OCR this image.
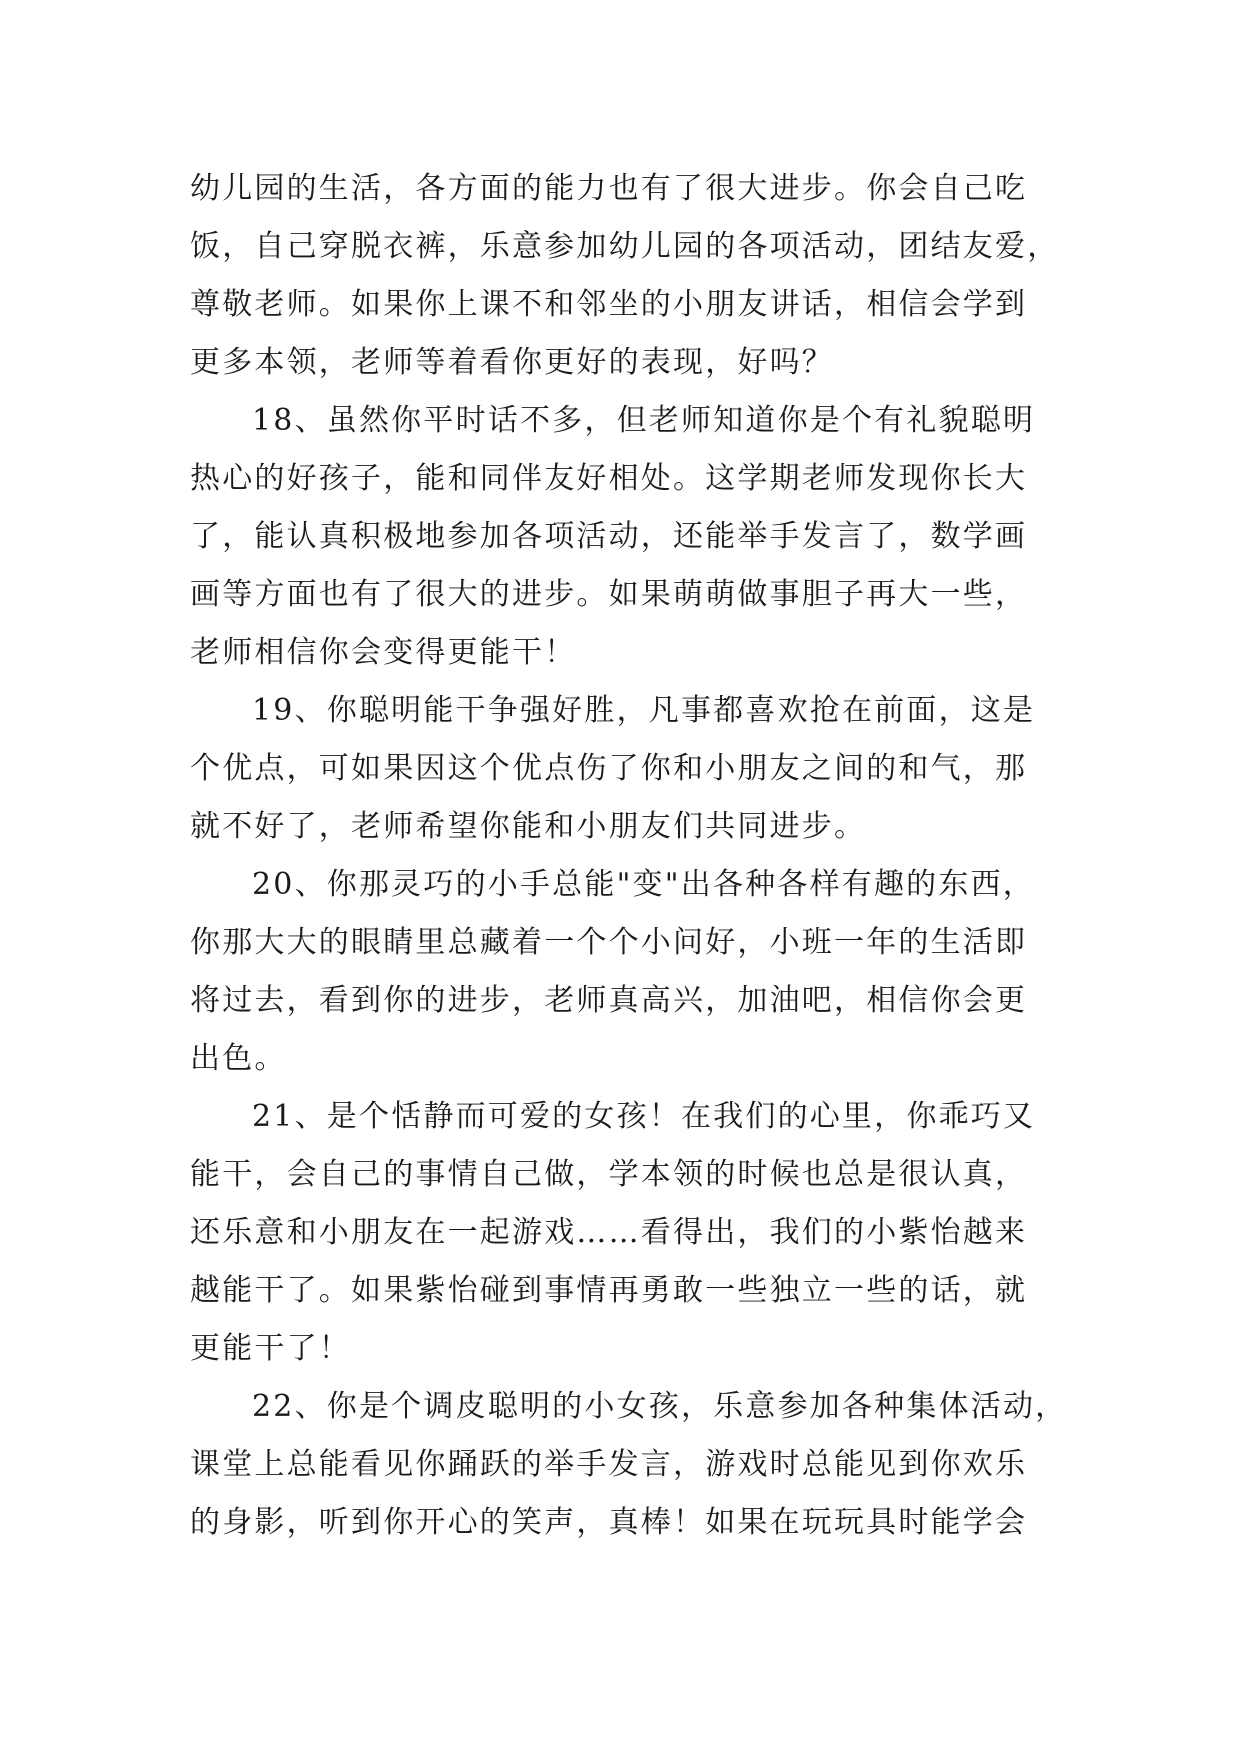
幼儿园的生活，各方面的能力也有了很大进步。你会自己吃
饭，自己穿脱衣裤，乐意参加幼儿园的各项活动，团结友爱，
尊敬老师。如果你上课不和邻坐的小朋友讲话，相信会学到
更多本领，老师等着看你更好的表现，好吗？
18、虽然你平时话不多，但老师知道你是个有礼貌聪明
热心的好孩子，能和同伴友好相处。这学期老师发现你长大
了，能认真积极地参加各项活动，还能举手发言了，数学画
画等方面也有了很大的进步。如果萌萌做事胆子再大一些，
老师相信你会变得更能干！
19、你聪明能干争强好胜，凡事都喜欢抢在前面，这是
个优点，可如果因这个优点伤了你和小朋友之间的和气，那
就不好了，老师希望你能和小朋友们共同进步。
20、你那灵巧的小手总能"变"出各种各样有趣的东西，
你那大大的眼睛里总藏着一个个小问好，小班一年的生活即
将过去，看到你的进步，老师真高兴，加油吧，相信你会更
出色。
21、是个恬静而可爱的女孩！在我们的心里，你乖巧又
能干，会自己的事情自己做，学本领的时候也总是很认真，
还乐意和小朋友在一起游戏……看得出，我们的小紫怡越来
越能干了。如果紫怡碰到事情再勇敢一些独立一些的话，就
更能干了！
22、你是个调皮聪明的小女孩，乐意参加各种集体活动，
课堂上总能看见你踊跃的举手发言，游戏时总能见到你欢乐
的身影，听到你开心的笑声，真棒！如果在玩玩具时能学会
